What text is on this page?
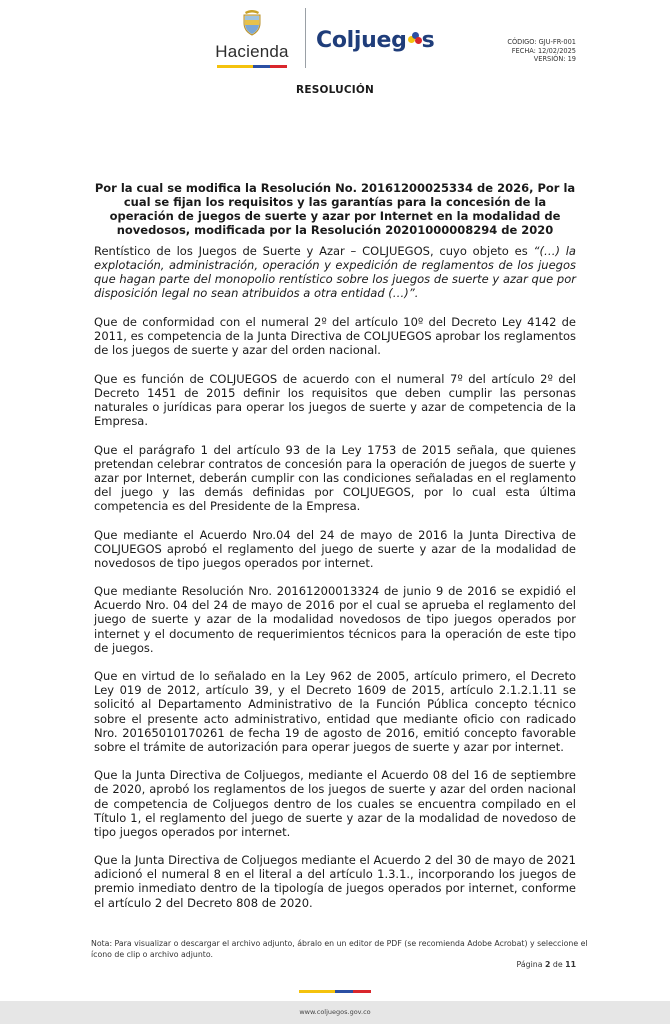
Hacienda	Coljueg s	CÓDIGO: GJU-FR-001
FECHA: 12/02/2025
VERSIÓN: 19
RESOLUCIÓN
Por la cual se modifica la Resolución No. 20161200025334 de 2026, Por la cual se fijan los requisitos y las garantías para la concesión de la operación de juegos de suerte y azar por Internet en la modalidad de novedosos, modificada por la Resolución 20201000008294 de 2020

Rentístico de los Juegos de Suerte y Azar – COLJUEGOS, cuyo objeto es “(…) la explotación, administración, operación y expedición de reglamentos de los juegos que hagan parte del monopolio rentístico sobre los juegos de suerte y azar que por disposición legal no sean atribuidos a otra entidad (…)”.

Que de conformidad con el numeral 2º del artículo 10º del Decreto Ley 4142 de 2011, es competencia de la Junta Directiva de COLJUEGOS aprobar los reglamentos de los juegos de suerte y azar del orden nacional.

Que es función de COLJUEGOS de acuerdo con el numeral 7º del artículo 2º del Decreto 1451 de 2015 definir los requisitos que deben cumplir las personas naturales o jurídicas para operar los juegos de suerte y azar de competencia de la Empresa.

Que el parágrafo 1 del artículo 93 de la Ley 1753 de 2015 señala, que quienes pretendan celebrar contratos de concesión para la operación de juegos de suerte y azar por Internet, deberán cumplir con las condiciones señaladas en el reglamento del juego y las demás definidas por COLJUEGOS, por lo cual esta última competencia es del Presidente de la Empresa.

Que mediante el Acuerdo Nro.04 del 24 de mayo de 2016 la Junta Directiva de COLJUEGOS aprobó el reglamento del juego de suerte y azar de la modalidad de novedosos de tipo juegos operados por internet.

Que mediante Resolución Nro. 20161200013324 de junio 9 de 2016 se expidió el Acuerdo Nro. 04 del 24 de mayo de 2016 por el cual se aprueba el reglamento del juego de suerte y azar de la modalidad novedosos de tipo juegos operados por internet y el documento de requerimientos técnicos para la operación de este tipo de juegos.

Que en virtud de lo señalado en la Ley 962 de 2005, artículo primero, el Decreto Ley 019 de 2012, artículo 39, y el Decreto 1609 de 2015, artículo 2.1.2.1.11 se solicitó al Departamento Administrativo de la Función Pública concepto técnico sobre el presente acto administrativo, entidad que mediante oficio con radicado Nro. 20165010170261 de fecha 19 de agosto de 2016, emitió concepto favorable sobre el trámite de autorización para operar juegos de suerte y azar por internet.

Que la Junta Directiva de Coljuegos, mediante el Acuerdo 08 del 16 de septiembre de 2020, aprobó los reglamentos de los juegos de suerte y azar del orden nacional de competencia de Coljuegos dentro de los cuales se encuentra compilado en el Título 1, el reglamento del juego de suerte y azar de la modalidad de novedoso de tipo juegos operados por internet.

Que la Junta Directiva de Coljuegos mediante el Acuerdo 2 del 30 de mayo de 2021 adicionó el numeral 8 en el literal a del artículo 1.3.1., incorporando los juegos de premio inmediato dentro de la tipología de juegos operados por internet, conforme el artículo 2 del Decreto 808 de 2020.

Nota: Para visualizar o descargar el archivo adjunto, ábralo en un editor de PDF (se recomienda Adobe Acrobat) y seleccione el ícono de clip o archivo adjunto.
Página 2 de 11
www.coljuegos.gov.co
